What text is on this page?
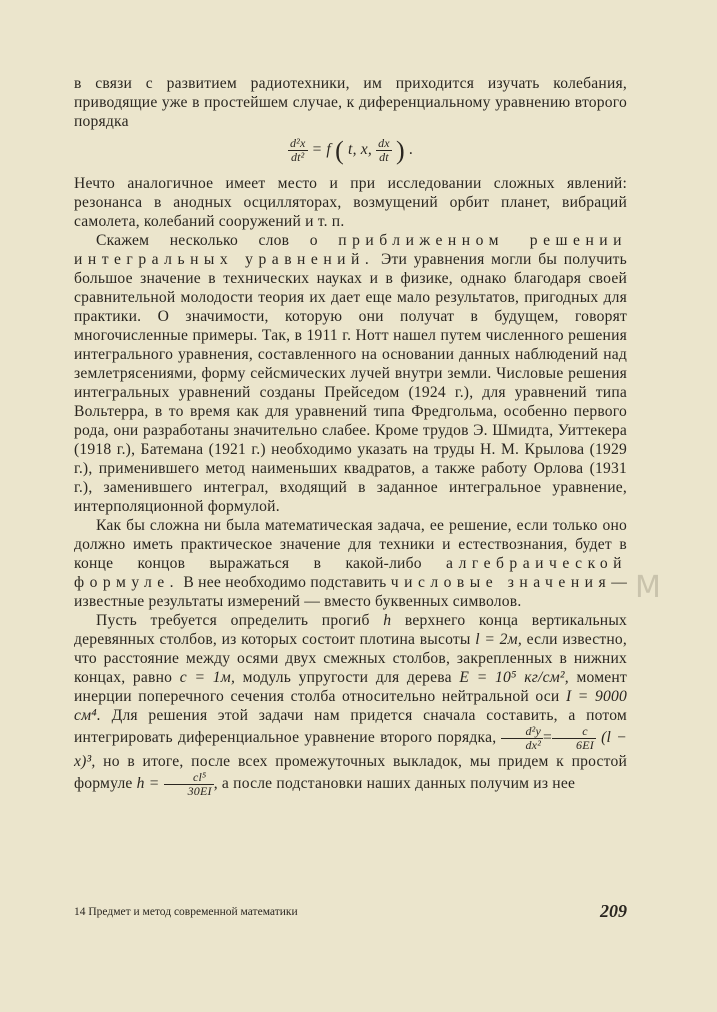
в связи с развитием радиотехники, им приходится изучать колебания, приводящие уже в простейшем случае, к диференциальному уравнению второго порядка

$\frac{\text{d²x}}{\text{dt²}} = f$ ( t, x, $\frac{dx}{dt}$ ) .

Нечто аналогичное имеет место и при исследовании сложных явлений: резонанса в анодных осцилляторах, возмущений орбит планет, вибраций самолета, колебаний сооружений и т. п.

Скажем несколько слов о приближенном решении интегральных уравнений. Эти уравнения могли бы получить большое значение в технических науках и в физике, однако благодаря своей сравнительной молодости теория их дает еще мало результатов, пригодных для практики. О значимости, которую они получат в будущем, говорят многочисленные примеры. Так, в 1911 г. Нотт нашел путем численного решения интегрального уравнения, составленного на основании данных наблюдений над землетрясениями, форму сейсмических лучей внутри земли. Числовые решения интегральных уравнений созданы Прейседом (1924 г.), для уравнений типа Вольтерра, в то время как для уравнений типа Фредгольма, особенно первого рода, они разработаны значительно слабее. Кроме трудов Э. Шмидта, Уиттекера (1918 г.), Батемана (1921 г.) необходимо указать на труды Н. М. Крылова (1929 г.), применившего метод наименьших квадратов, а также работу Орлова (1931 г.), заменившего интеграл, входящий в заданное интегральное уравнение, интерполяционной формулой.

Как бы сложна ни была математическая задача, ее решение, если только оно должно иметь практическое значение для техники и естествознания, будет в конце концов выражаться в какой-либо алгебраической формуле. В нее необходимо подставить числовые значения— известные результаты измерений — вместо буквенных символов.

Пусть требуется определить прогиб h верхнего конца вертикальных деревянных столбов, из которых состоит плотина высоты l = 2м, если известно, что расстояние между осями двух смежных столбов, закрепленных в нижних концах, равно c = 1м, модуль упругости для дерева E = 10⁵ кг/см², момент инерции поперечного сечения столба относительно нейтральной оси I = 9000 см⁴. Для решения этой задачи нам придется сначала составить, а потом интегрировать диференциальное уравнение второго порядка, $\frac{\text{d²y}}{\text{dx²}} = \frac{c}{6EI} (l - x)^3$, но в итоге, после всех промежуточных выкладок, мы придем к простой формуле $h = \frac{\text{cl⁵}}{30EI}$ , а после подстановки наших данных получим из нее

M
14 Предмет и метод современной математики	209
